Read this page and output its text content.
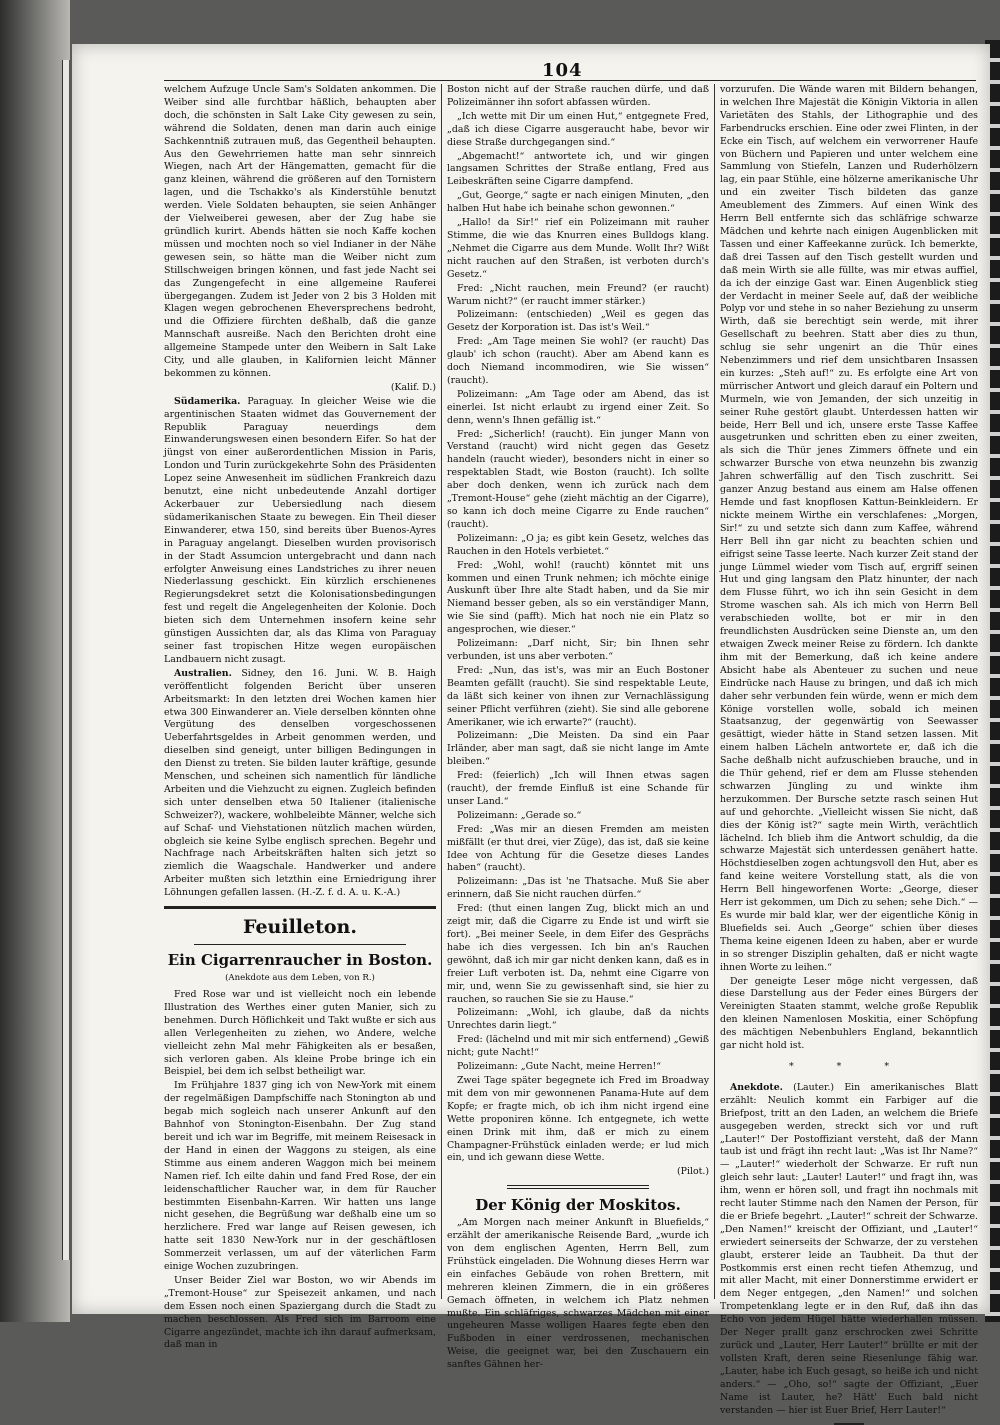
104

welchem Aufzuge Uncle Sam's Soldaten ankommen. Die Weiber sind alle furchtbar häßlich, behaupten aber doch, die schönsten in Salt Lake City gewesen zu sein, während die Soldaten, denen man darin auch einige Sachkenntniß zutrauen muß, das Gegentheil behaupten. Aus den Gewehrriemen hatte man sehr sinnreich Wiegen, nach Art der Hängematten, gemacht für die ganz kleinen, während die größeren auf den Tornistern lagen, und die Tschakko's als Kinderstühle benutzt werden. Viele Soldaten behaupten, sie seien Anhänger der Vielweiberei gewesen, aber der Zug habe sie gründlich kurirt. Abends hätten sie noch Kaffe kochen müssen und mochten noch so viel Indianer in der Nähe gewesen sein, so hätte man die Weiber nicht zum Stillschweigen bringen können, und fast jede Nacht sei das Zungengefecht in eine allgemeine Rauferei übergegangen. Zudem ist Jeder von 2 bis 3 Holden mit Klagen wegen gebrochenen Eheversprechens bedroht, und die Offiziere fürchten deßhalb, daß die ganze Mannschaft ausreiße. Nach den Berichten droht eine allgemeine Stampede unter den Weibern in Salt Lake City, und alle glauben, in Kalifornien leicht Männer bekommen zu können.

(Kalif. D.)

Südamerika. Paraguay. In gleicher Weise wie die argentinischen Staaten widmet das Gouvernement der Republik Paraguay neuerdings dem Einwanderungswesen einen besondern Eifer. So hat der jüngst von einer außerordentlichen Mission in Paris, London und Turin zurückgekehrte Sohn des Präsidenten Lopez seine Anwesenheit im südlichen Frankreich dazu benutzt, eine nicht unbedeutende Anzahl dortiger Ackerbauer zur Uebersiedlung nach diesem südamerikanischen Staate zu bewegen. Ein Theil dieser Einwanderer, etwa 150, sind bereits über Buenos-Ayres in Paraguay angelangt. Dieselben wurden provisorisch in der Stadt Assumcion untergebracht und dann nach erfolgter Anweisung eines Landstriches zu ihrer neuen Niederlassung geschickt. Ein kürzlich erschienenes Regierungsdekret setzt die Kolonisationsbedingungen fest und regelt die Angelegenheiten der Kolonie. Doch bieten sich dem Unternehmen insofern keine sehr günstigen Aussichten dar, als das Klima von Paraguay seiner fast tropischen Hitze wegen europäischen Landbauern nicht zusagt.

Australien. Sidney, den 16. Juni. W. B. Haigh veröffentlicht folgenden Bericht über unseren Arbeitsmarkt: In den letzten drei Wochen kamen hier etwa 300 Einwanderer an. Viele derselben könnten ohne Vergütung des denselben vorgeschossenen Ueberfahrtsgeldes in Arbeit genommen werden, und dieselben sind geneigt, unter billigen Bedingungen in den Dienst zu treten. Sie bilden lauter kräftige, gesunde Menschen, und scheinen sich namentlich für ländliche Arbeiten und die Viehzucht zu eignen. Zugleich befinden sich unter denselben etwa 50 Italiener (italienische Schweizer?), wackere, wohlbeleibte Männer, welche sich auf Schaf- und Viehstationen nützlich machen würden, obgleich sie keine Sylbe englisch sprechen. Begehr und Nachfrage nach Arbeitskräften halten sich jetzt so ziemlich die Waagschale. Handwerker und andere Arbeiter mußten sich letzthin eine Erniedrigung ihrer Löhnungen gefallen lassen. (H.-Z. f. d. A. u. K.-A.)

Feuilleton.
Ein Cigarrenraucher in Boston.
(Anekdote aus dem Leben, von R.)

Fred Rose war und ist vielleicht noch ein lebende Illustration des Werthes einer guten Manier, sich zu benehmen. Durch Höflichkeit und Takt wußte er sich aus allen Verlegenheiten zu ziehen, wo Andere, welche vielleicht zehn Mal mehr Fähigkeiten als er besaßen, sich verloren gaben. Als kleine Probe bringe ich ein Beispiel, bei dem ich selbst betheiligt war.

Im Frühjahre 1837 ging ich von New-York mit einem der regelmäßigen Dampfschiffe nach Stonington ab und begab mich sogleich nach unserer Ankunft auf den Bahnhof von Stonington-Eisenbahn. Der Zug stand bereit und ich war im Begriffe, mit meinem Reisesack in der Hand in einen der Waggons zu steigen, als eine Stimme aus einem anderen Waggon mich bei meinem Namen rief. Ich eilte dahin und fand Fred Rose, der ein leidenschaftlicher Raucher war, in dem für Raucher bestimmten Eisenbahn-Karren. Wir hatten uns lange nicht gesehen, die Begrüßung war deßhalb eine um so herzlichere. Fred war lange auf Reisen gewesen, ich hatte seit 1830 New-York nur in der geschäftlosen Sommerzeit verlassen, um auf der väterlichen Farm einige Wochen zuzubringen.

Unser Beider Ziel war Boston, wo wir Abends im „Tremont-House“ zur Speisezeit ankamen, und nach dem Essen noch einen Spaziergang durch die Stadt zu machen beschlossen. Als Fred sich im Barroom eine Cigarre angezündet, machte ich ihn darauf aufmerksam, daß man in

Boston nicht auf der Straße rauchen dürfe, und daß Polizeimänner ihn sofort abfassen würden.

„Ich wette mit Dir um einen Hut,“ entgegnete Fred, „daß ich diese Cigarre ausgeraucht habe, bevor wir diese Straße durchgegangen sind.“

„Abgemacht!“ antwortete ich, und wir gingen langsamen Schrittes der Straße entlang, Fred aus Leibeskräften seine Cigarre dampfend.

„Gut, George,“ sagte er nach einigen Minuten, „den halben Hut habe ich beinahe schon gewonnen.“

„Hallo! da Sir!“ rief ein Polizeimann mit rauher Stimme, die wie das Knurren eines Bulldogs klang. „Nehmet die Cigarre aus dem Munde. Wollt Ihr? Wißt nicht rauchen auf den Straßen, ist verboten durch's Gesetz.“

Fred: „Nicht rauchen, mein Freund? (er raucht) Warum nicht?“ (er raucht immer stärker.)

Polizeimann: (entschieden) „Weil es gegen das Gesetz der Korporation ist. Das ist's Weil.“

Fred: „Am Tage meinen Sie wohl? (er raucht) Das glaub' ich schon (raucht). Aber am Abend kann es doch Niemand incommodiren, wie Sie wissen“ (raucht).

Polizeimann: „Am Tage oder am Abend, das ist einerlei. Ist nicht erlaubt zu irgend einer Zeit. So denn, wenn's Ihnen gefällig ist.“

Fred: „Sicherlich! (raucht). Ein junger Mann von Verstand (raucht) wird nicht gegen das Gesetz handeln (raucht wieder), besonders nicht in einer so respektablen Stadt, wie Boston (raucht). Ich sollte aber doch denken, wenn ich zurück nach dem „Tremont-House“ gehe (zieht mächtig an der Cigarre), so kann ich doch meine Cigarre zu Ende rauchen“ (raucht).

Polizeimann: „O ja; es gibt kein Gesetz, welches das Rauchen in den Hotels verbietet.“

Fred: „Wohl, wohl! (raucht) könntet mit uns kommen und einen Trunk nehmen; ich möchte einige Auskunft über Ihre alte Stadt haben, und da Sie mir Niemand besser geben, als so ein verständiger Mann, wie Sie sind (pafft). Mich hat noch nie ein Platz so angesprochen, wie dieser.“

Polizeimann: „Darf nicht, Sir; bin Ihnen sehr verbunden, ist uns aber verboten.“

Fred: „Nun, das ist's, was mir an Euch Bostoner Beamten gefällt (raucht). Sie sind respektable Leute, da läßt sich keiner von ihnen zur Vernachlässigung seiner Pflicht verführen (zieht). Sie sind alle geborene Amerikaner, wie ich erwarte?“ (raucht).

Polizeimann: „Die Meisten. Da sind ein Paar Irländer, aber man sagt, daß sie nicht lange im Amte bleiben.“

Fred: (feierlich) „Ich will Ihnen etwas sagen (raucht), der fremde Einfluß ist eine Schande für unser Land.“

Polizeimann: „Gerade so.“

Fred: „Was mir an diesen Fremden am meisten mißfällt (er thut drei, vier Züge), das ist, daß sie keine Idee von Achtung für die Gesetze dieses Landes haben“ (raucht).

Polizeimann: „Das ist 'ne Thatsache. Muß Sie aber erinnern, daß Sie nicht rauchen dürfen.“

Fred: (thut einen langen Zug, blickt mich an und zeigt mir, daß die Cigarre zu Ende ist und wirft sie fort). „Bei meiner Seele, in dem Eifer des Gesprächs habe ich dies vergessen. Ich bin an's Rauchen gewöhnt, daß ich mir gar nicht denken kann, daß es in freier Luft verboten ist. Da, nehmt eine Cigarre von mir, und, wenn Sie zu gewissenhaft sind, sie hier zu rauchen, so rauchen Sie sie zu Hause.“

Polizeimann: „Wohl, ich glaube, daß da nichts Unrechtes darin liegt.“

Fred: (lächelnd und mit mir sich entfernend) „Gewiß nicht; gute Nacht!“

Polizeimann: „Gute Nacht, meine Herren!“

Zwei Tage später begegnete ich Fred im Broadway mit dem von mir gewonnenen Panama-Hute auf dem Kopfe; er fragte mich, ob ich ihm nicht irgend eine Wette proponiren könne. Ich entgegnete, ich wette einen Drink mit ihm, daß er mich zu einem Champagner-Frühstück einladen werde; er lud mich ein, und ich gewann diese Wette.

(Pilot.)

Der König der Moskitos.

„Am Morgen nach meiner Ankunft in Bluefields,“ erzählt der amerikanische Reisende Bard, „wurde ich von dem englischen Agenten, Herrn Bell, zum Frühstück eingeladen. Die Wohnung dieses Herrn war ein einfaches Gebäude von rohen Brettern, mit mehreren kleinen Zimmern, die in ein größeres Gemach öffneten, in welchem ich Platz nehmen mußte. Ein schläfriges, schwarzes Mädchen mit einer ungeheuren Masse wolligen Haares fegte eben den Fußboden in einer verdrossenen, mechanischen Weise, die geeignet war, bei den Zuschauern ein sanftes Gähnen her-

vorzurufen. Die Wände waren mit Bildern behangen, in welchen Ihre Majestät die Königin Viktoria in allen Varietäten des Stahls, der Lithographie und des Farbendrucks erschien. Eine oder zwei Flinten, in der Ecke ein Tisch, auf welchem ein verworrener Haufe von Büchern und Papieren und unter welchem eine Sammlung von Stiefeln, Lanzen und Ruderhölzern lag, ein paar Stühle, eine hölzerne amerikanische Uhr und ein zweiter Tisch bildeten das ganze Ameublement des Zimmers. Auf einen Wink des Herrn Bell entfernte sich das schläfrige schwarze Mädchen und kehrte nach einigen Augenblicken mit Tassen und einer Kaffeekanne zurück. Ich bemerkte, daß drei Tassen auf den Tisch gestellt wurden und daß mein Wirth sie alle füllte, was mir etwas auffiel, da ich der einzige Gast war. Einen Augenblick stieg der Verdacht in meiner Seele auf, daß der weibliche Polyp vor und stehe in so naher Beziehung zu unserm Wirth, daß sie berechtigt sein werde, mit ihrer Gesellschaft zu beehren. Statt aber dies zu thun, schlug sie sehr ungenirt an die Thür eines Nebenzimmers und rief dem unsichtbaren Insassen ein kurzes: „Steh auf!“ zu. Es erfolgte eine Art von mürrischer Antwort und gleich darauf ein Poltern und Murmeln, wie von Jemanden, der sich unzeitig in seiner Ruhe gestört glaubt. Unterdessen hatten wir beide, Herr Bell und ich, unsere erste Tasse Kaffee ausgetrunken und schritten eben zu einer zweiten, als sich die Thür jenes Zimmers öffnete und ein schwarzer Bursche von etwa neunzehn bis zwanzig Jahren schwerfällig auf den Tisch zuschritt. Sei ganzer Anzug bestand aus einem am Halse offenen Hemde und fast knopflosen Kattun-Beinkleidern. Er nickte meinem Wirthe ein verschlafenes: „Morgen, Sir!“ zu und setzte sich dann zum Kaffee, während Herr Bell ihn gar nicht zu beachten schien und eifrigst seine Tasse leerte. Nach kurzer Zeit stand der junge Lümmel wieder vom Tisch auf, ergriff seinen Hut und ging langsam den Platz hinunter, der nach dem Flusse führt, wo ich ihn sein Gesicht in dem Strome waschen sah. Als ich mich von Herrn Bell verabschieden wollte, bot er mir in den freundlichsten Ausdrücken seine Dienste an, um den etwaigen Zweck meiner Reise zu fördern. Ich dankte ihm mit der Bemerkung, daß ich keine andere Absicht habe als Abenteuer zu suchen und neue Eindrücke nach Hause zu bringen, und daß ich mich daher sehr verbunden fein würde, wenn er mich dem Könige vorstellen wolle, sobald ich meinen Staatsanzug, der gegenwärtig von Seewasser gesättigt, wieder hätte in Stand setzen lassen. Mit einem halben Lächeln antwortete er, daß ich die Sache deßhalb nicht aufzuschieben brauche, und in die Thür gehend, rief er dem am Flusse stehenden schwarzen Jüngling zu und winkte ihm herzukommen. Der Bursche setzte rasch seinen Hut auf und gehorchte. „Vielleicht wissen Sie nicht, daß dies der König ist?“ sagte mein Wirth, verächtlich lächelnd. Ich blieb ihm die Antwort schuldig, da die schwarze Majestät sich unterdessen genähert hatte. Höchstdieselben zogen achtungsvoll den Hut, aber es fand keine weitere Vorstellung statt, als die von Herrn Bell hingeworfenen Worte: „George, dieser Herr ist gekommen, um Dich zu sehen; sehe Dich.“ — Es wurde mir bald klar, wer der eigentliche König in Bluefields sei. Auch „George“ schien über dieses Thema keine eigenen Ideen zu haben, aber er wurde in so strenger Disziplin gehalten, daß er nicht wagte ihnen Worte zu leihen.“

Der geneigte Leser möge nicht vergessen, daß diese Darstellung aus der Feder eines Bürgers der Vereinigten Staaten stammt, welche große Republik den kleinen Namenlosen Moskitia, einer Schöpfung des mächtigen Nebenbuhlers England, bekanntlich gar nicht hold ist.

* * *

Anekdote. (Lauter.) Ein amerikanisches Blatt erzählt: Neulich kommt ein Farbiger auf die Briefpost, tritt an den Laden, an welchem die Briefe ausgegeben werden, streckt sich vor und ruft „Lauter!“ Der Postoffiziant versteht, daß der Mann taub ist und frägt ihn recht laut: „Was ist Ihr Name?“ — „Lauter!“ wiederholt der Schwarze. Er ruft nun gleich sehr laut: „Lauter! Lauter!“ und fragt ihn, was ihm, wenn er hören soll, und fragt ihn nochmals mit recht lauter Stimme nach den Namen der Person, für die er Briefe begehrt. „Lauter!“ schreit der Schwarze. „Den Namen!“ kreischt der Offiziant, und „Lauter!“ erwiedert seinerseits der Schwarze, der zu verstehen glaubt, ersterer leide an Taubheit. Da thut der Postkommis erst einen recht tiefen Athemzug, und mit aller Macht, mit einer Donnerstimme erwidert er dem Neger entgegen, „den Namen!“ und solchen Trompetenklang legte er in den Ruf, daß ihn das Echo von jedem Hügel hätte wiederhallen müssen. Der Neger prallt ganz erschrocken zwei Schritte zurück und „Lauter, Herr Lauter!“ brüllte er mit der vollsten Kraft, deren seine Riesenlunge fähig war. „Lauter, habe ich Euch gesagt, so heiße ich und nicht anders.“ — „Oho, so!“ sagte der Offiziant, „Euer Name ist Lauter, he? Hätt' Euch bald nicht verstanden — hier ist Euer Brief, Herr Lauter!“
